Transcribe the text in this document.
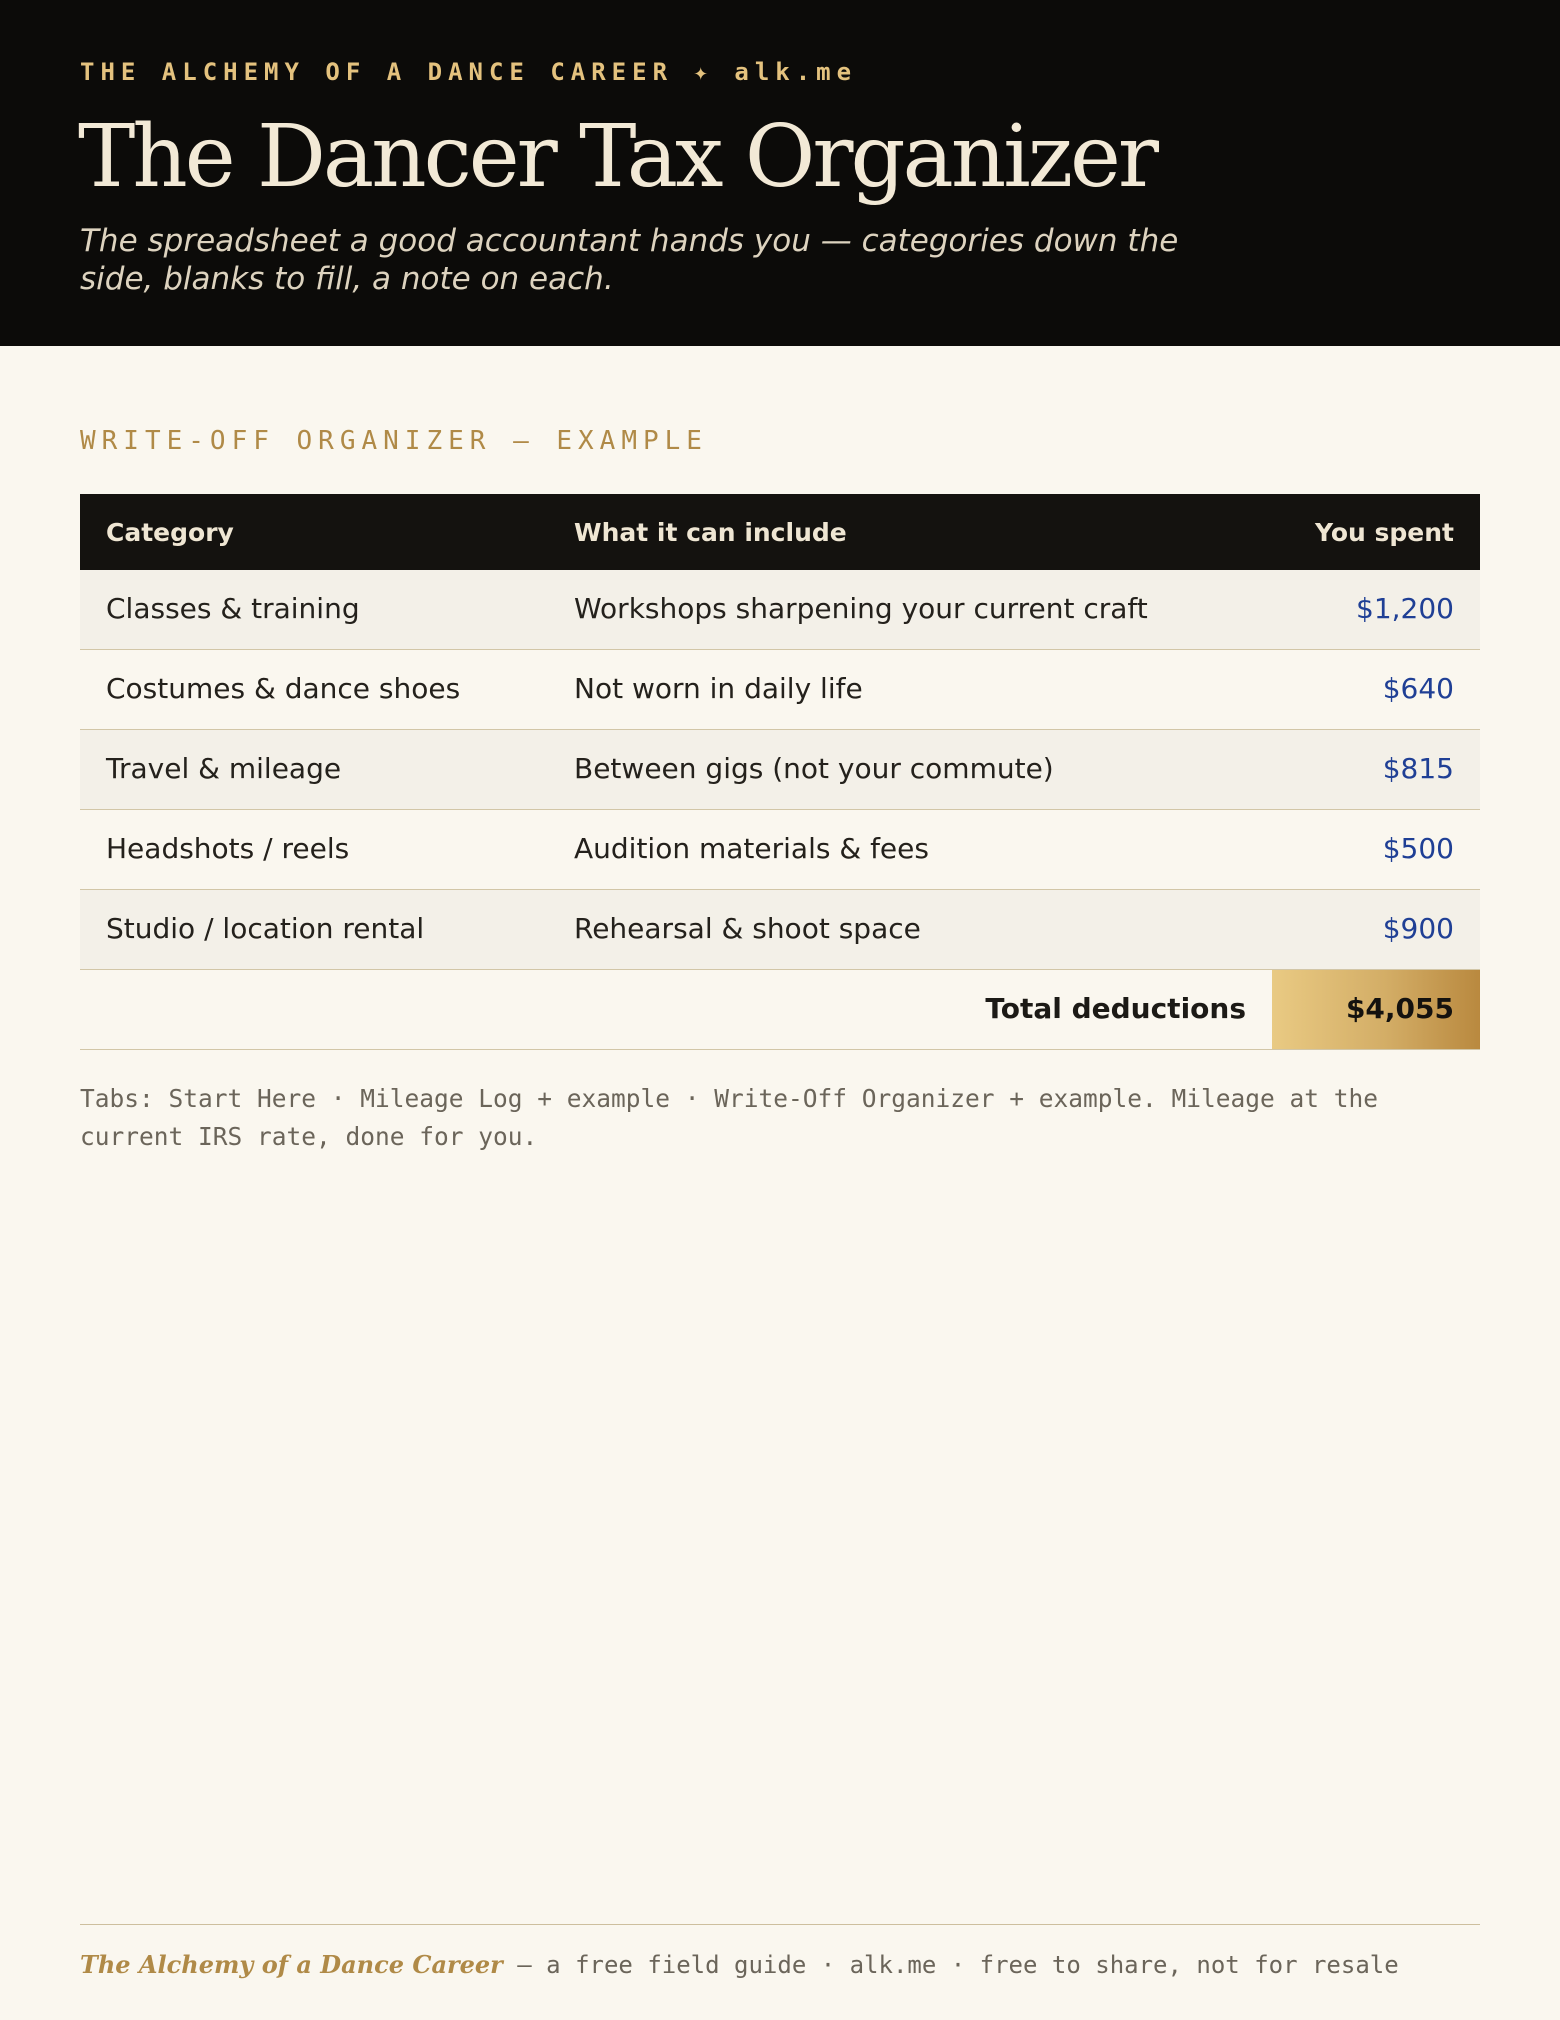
THE ALCHEMY OF A DANCE CAREER ✦ alk.me
The Dancer Tax Organizer
The spreadsheet a good accountant hands you — categories down the side, blanks to fill, a note on each.
WRITE-OFF ORGANIZER — EXAMPLE
Category	What it can include	You spent
Classes & training	Workshops sharpening your current craft	$1,200
Costumes & dance shoes	Not worn in daily life	$640
Travel & mileage	Between gigs (not your commute)	$815
Headshots / reels	Audition materials & fees	$500
Studio / location rental	Rehearsal & shoot space	$900
Total deductions	$4,055
Tabs: Start Here · Mileage Log + example · Write-Off Organizer + example. Mileage at the current IRS rate, done for you.
The Alchemy of a Dance Career — a free field guide · alk.me · free to share, not for resale
